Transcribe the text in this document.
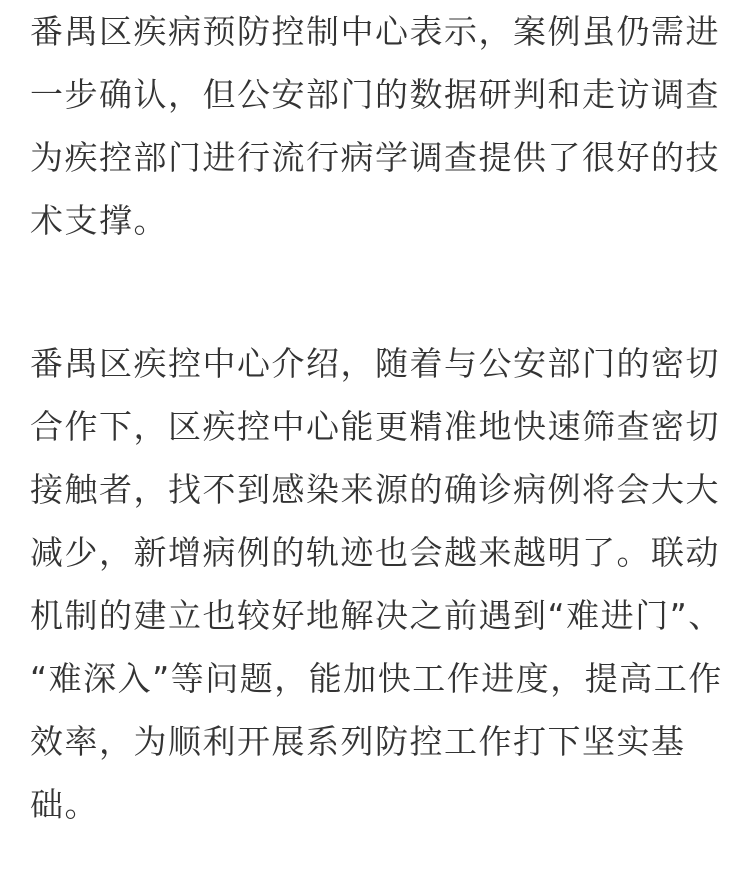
番禺区疾病预防控制中心表示，案例虽仍需进
一步确认，但公安部门的数据研判和走访调查
为疾控部门进行流行病学调查提供了很好的技
术支撑。
番禺区疾控中心介绍，随着与公安部门的密切
合作下，区疾控中心能更精准地快速筛查密切
接触者，找不到感染来源的确诊病例将会大大
减少，新增病例的轨迹也会越来越明了。联动
机制的建立也较好地解决之前遇到“难进门”、
“难深入”等问题，能加快工作进度，提高工作
效率，为顺利开展系列防控工作打下坚实基
础。
